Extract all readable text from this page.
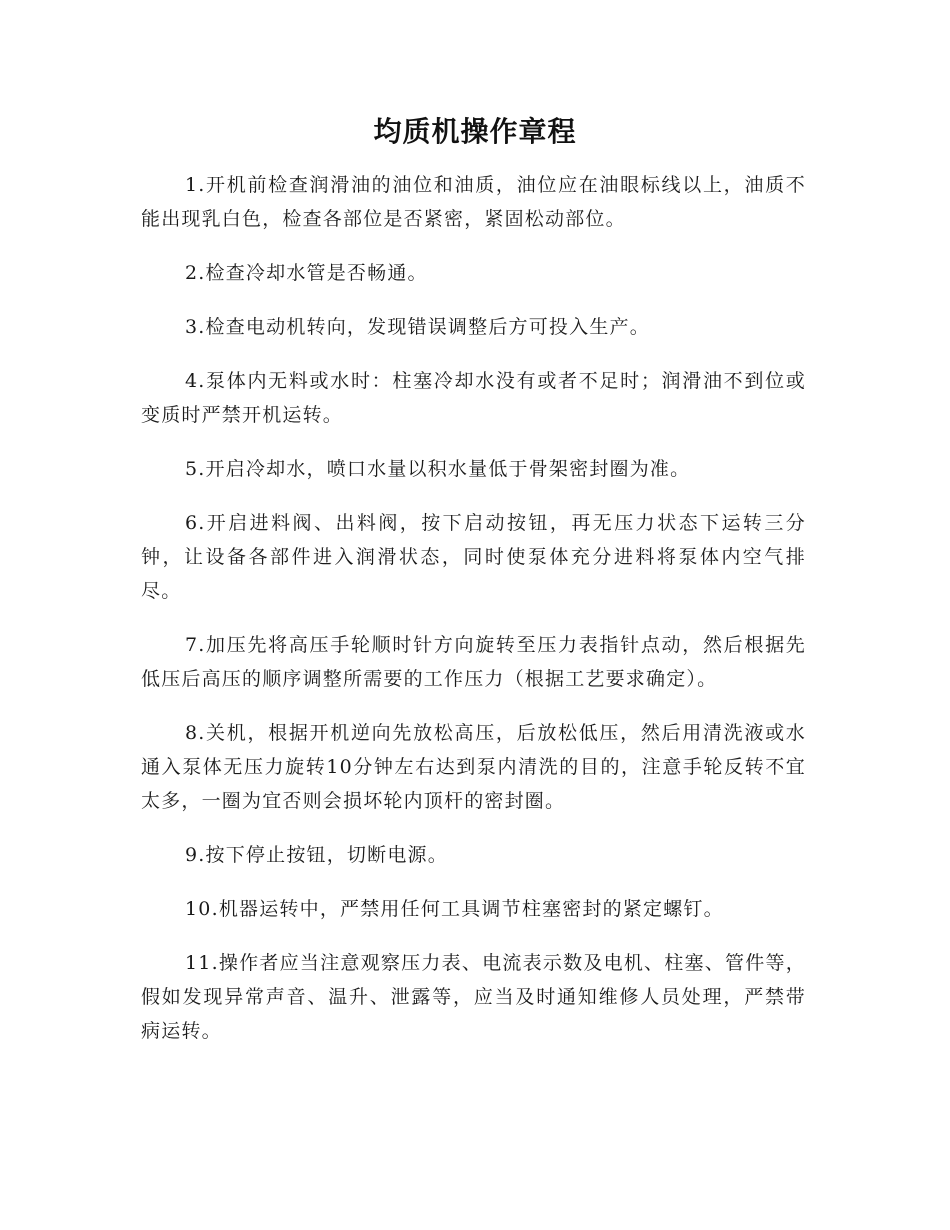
均质机操作章程

1.开机前检查润滑油的油位和油质，油位应在油眼标线以上，油质不能出现乳白色，检查各部位是否紧密，紧固松动部位。

2.检查冷却水管是否畅通。

3.检查电动机转向，发现错误调整后方可投入生产。

4.泵体内无料或水时：柱塞冷却水没有或者不足时；润滑油不到位或变质时严禁开机运转。

5.开启冷却水，喷口水量以积水量低于骨架密封圈为准。

6.开启进料阀、出料阀，按下启动按钮，再无压力状态下运转三分钟，让设备各部件进入润滑状态，同时使泵体充分进料将泵体内空气排尽。

7.加压先将高压手轮顺时针方向旋转至压力表指针点动，然后根据先低压后高压的顺序调整所需要的工作压力（根据工艺要求确定）。

8.关机，根据开机逆向先放松高压，后放松低压，然后用清洗液或水通入泵体无压力旋转10分钟左右达到泵内清洗的目的，注意手轮反转不宜太多，一圈为宜否则会损坏轮内顶杆的密封圈。

9.按下停止按钮，切断电源。

10.机器运转中，严禁用任何工具调节柱塞密封的紧定螺钉。

11.操作者应当注意观察压力表、电流表示数及电机、柱塞、管件等，假如发现异常声音、温升、泄露等，应当及时通知维修人员处理，严禁带病运转。
